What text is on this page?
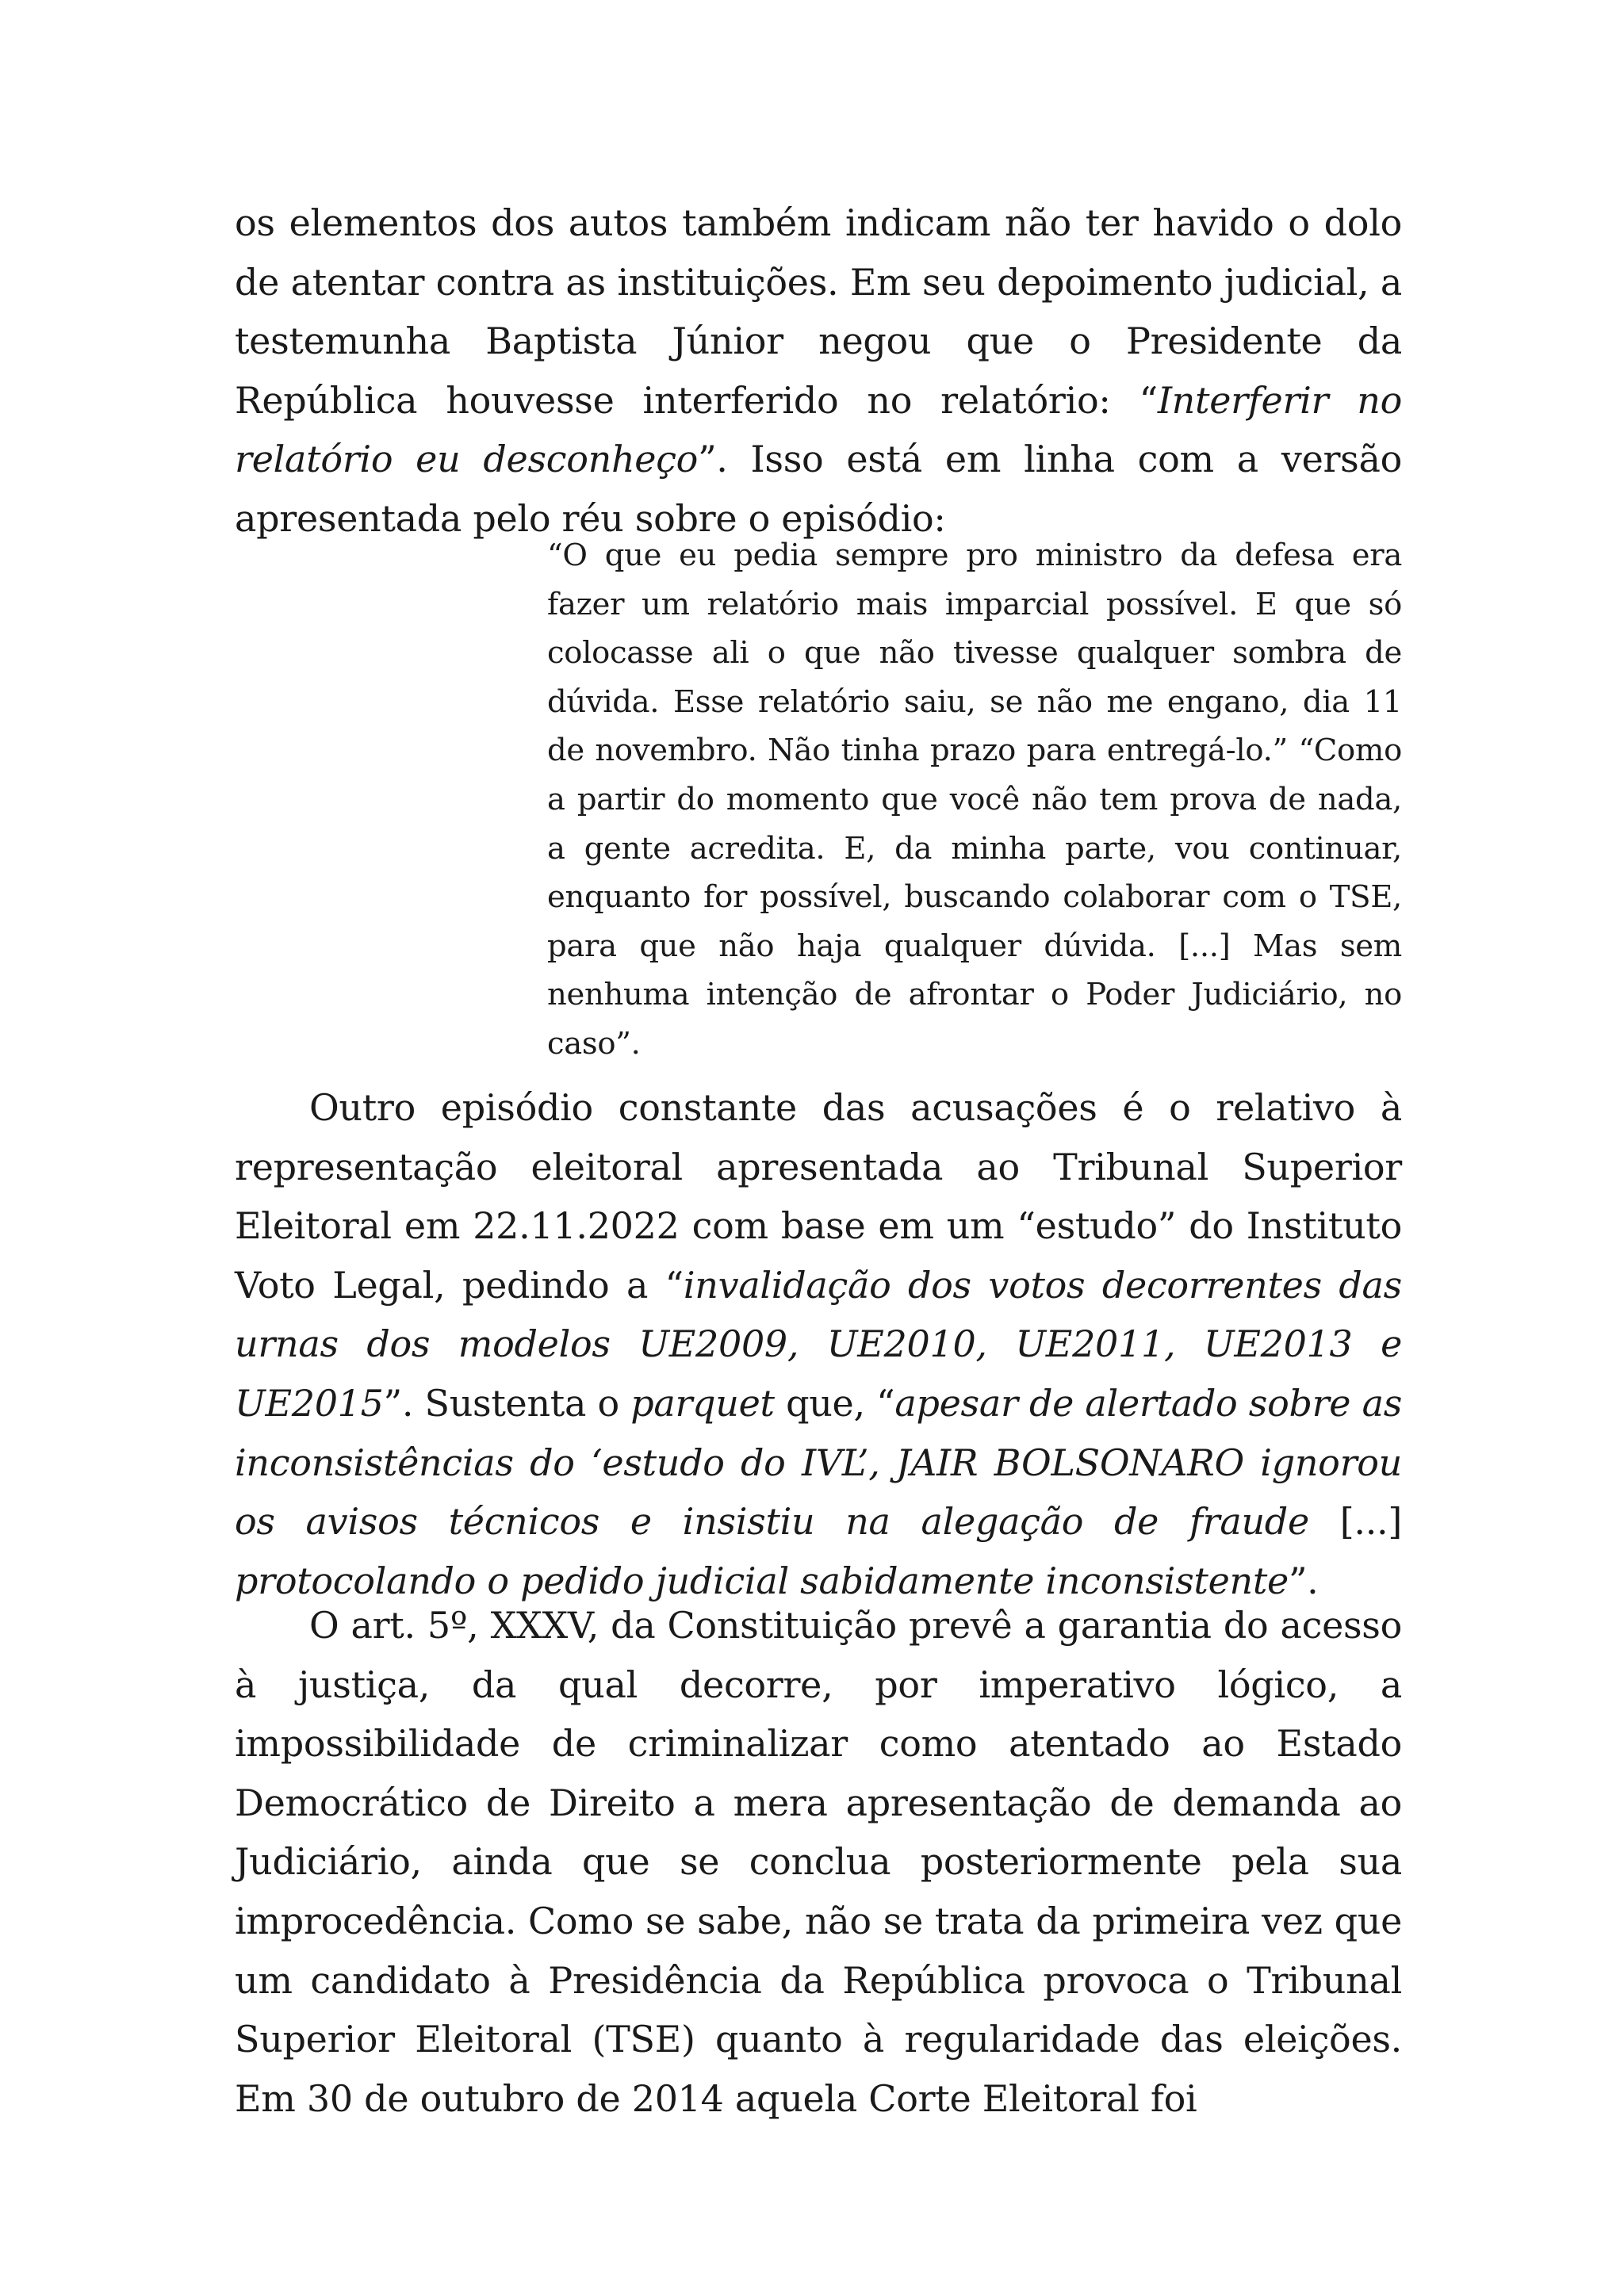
os elementos dos autos também indicam não ter havido o dolo de atentar contra as instituições. Em seu depoimento judicial, a testemunha Baptista Júnior negou que o Presidente da República houvesse interferido no relatório: “Interferir no relatório eu desconheço”. Isso está em linha com a versão apresentada pelo réu sobre o episódio:

“O que eu pedia sempre pro ministro da defesa era fazer um relatório mais imparcial possível. E que só colocasse ali o que não tivesse qualquer sombra de dúvida. Esse relatório saiu, se não me engano, dia 11 de novembro. Não tinha prazo para entregá-lo.” “Como a partir do momento que você não tem prova de nada, a gente acredita. E, da minha parte, vou continuar, enquanto for possível, buscando colaborar com o TSE, para que não haja qualquer dúvida. [...] Mas sem nenhuma intenção de afrontar o Poder Judiciário, no caso”.

Outro episódio constante das acusações é o relativo à representação eleitoral apresentada ao Tribunal Superior Eleitoral em 22.11.2022 com base em um “estudo” do Instituto Voto Legal, pedindo a “invalidação dos votos decorrentes das urnas dos modelos UE2009, UE2010, UE2011, UE2013 e UE2015”. Sustenta o parquet que, “apesar de alertado sobre as inconsistências do ‘estudo do IVL’, JAIR BOLSONARO ignorou os avisos técnicos e insistiu na alegação de fraude [...] protocolando o pedido judicial sabidamente inconsistente”.

O art. 5º, XXXV, da Constituição prevê a garantia do acesso à justiça, da qual decorre, por imperativo lógico, a impossibilidade de criminalizar como atentado ao Estado Democrático de Direito a mera apresentação de demanda ao Judiciário, ainda que se conclua posteriormente pela sua improcedência. Como se sabe, não se trata da primeira vez que um candidato à Presidência da República provoca o Tribunal Superior Eleitoral (TSE) quanto à regularidade das eleições. Em 30 de outubro de 2014 aquela Corte Eleitoral foi
